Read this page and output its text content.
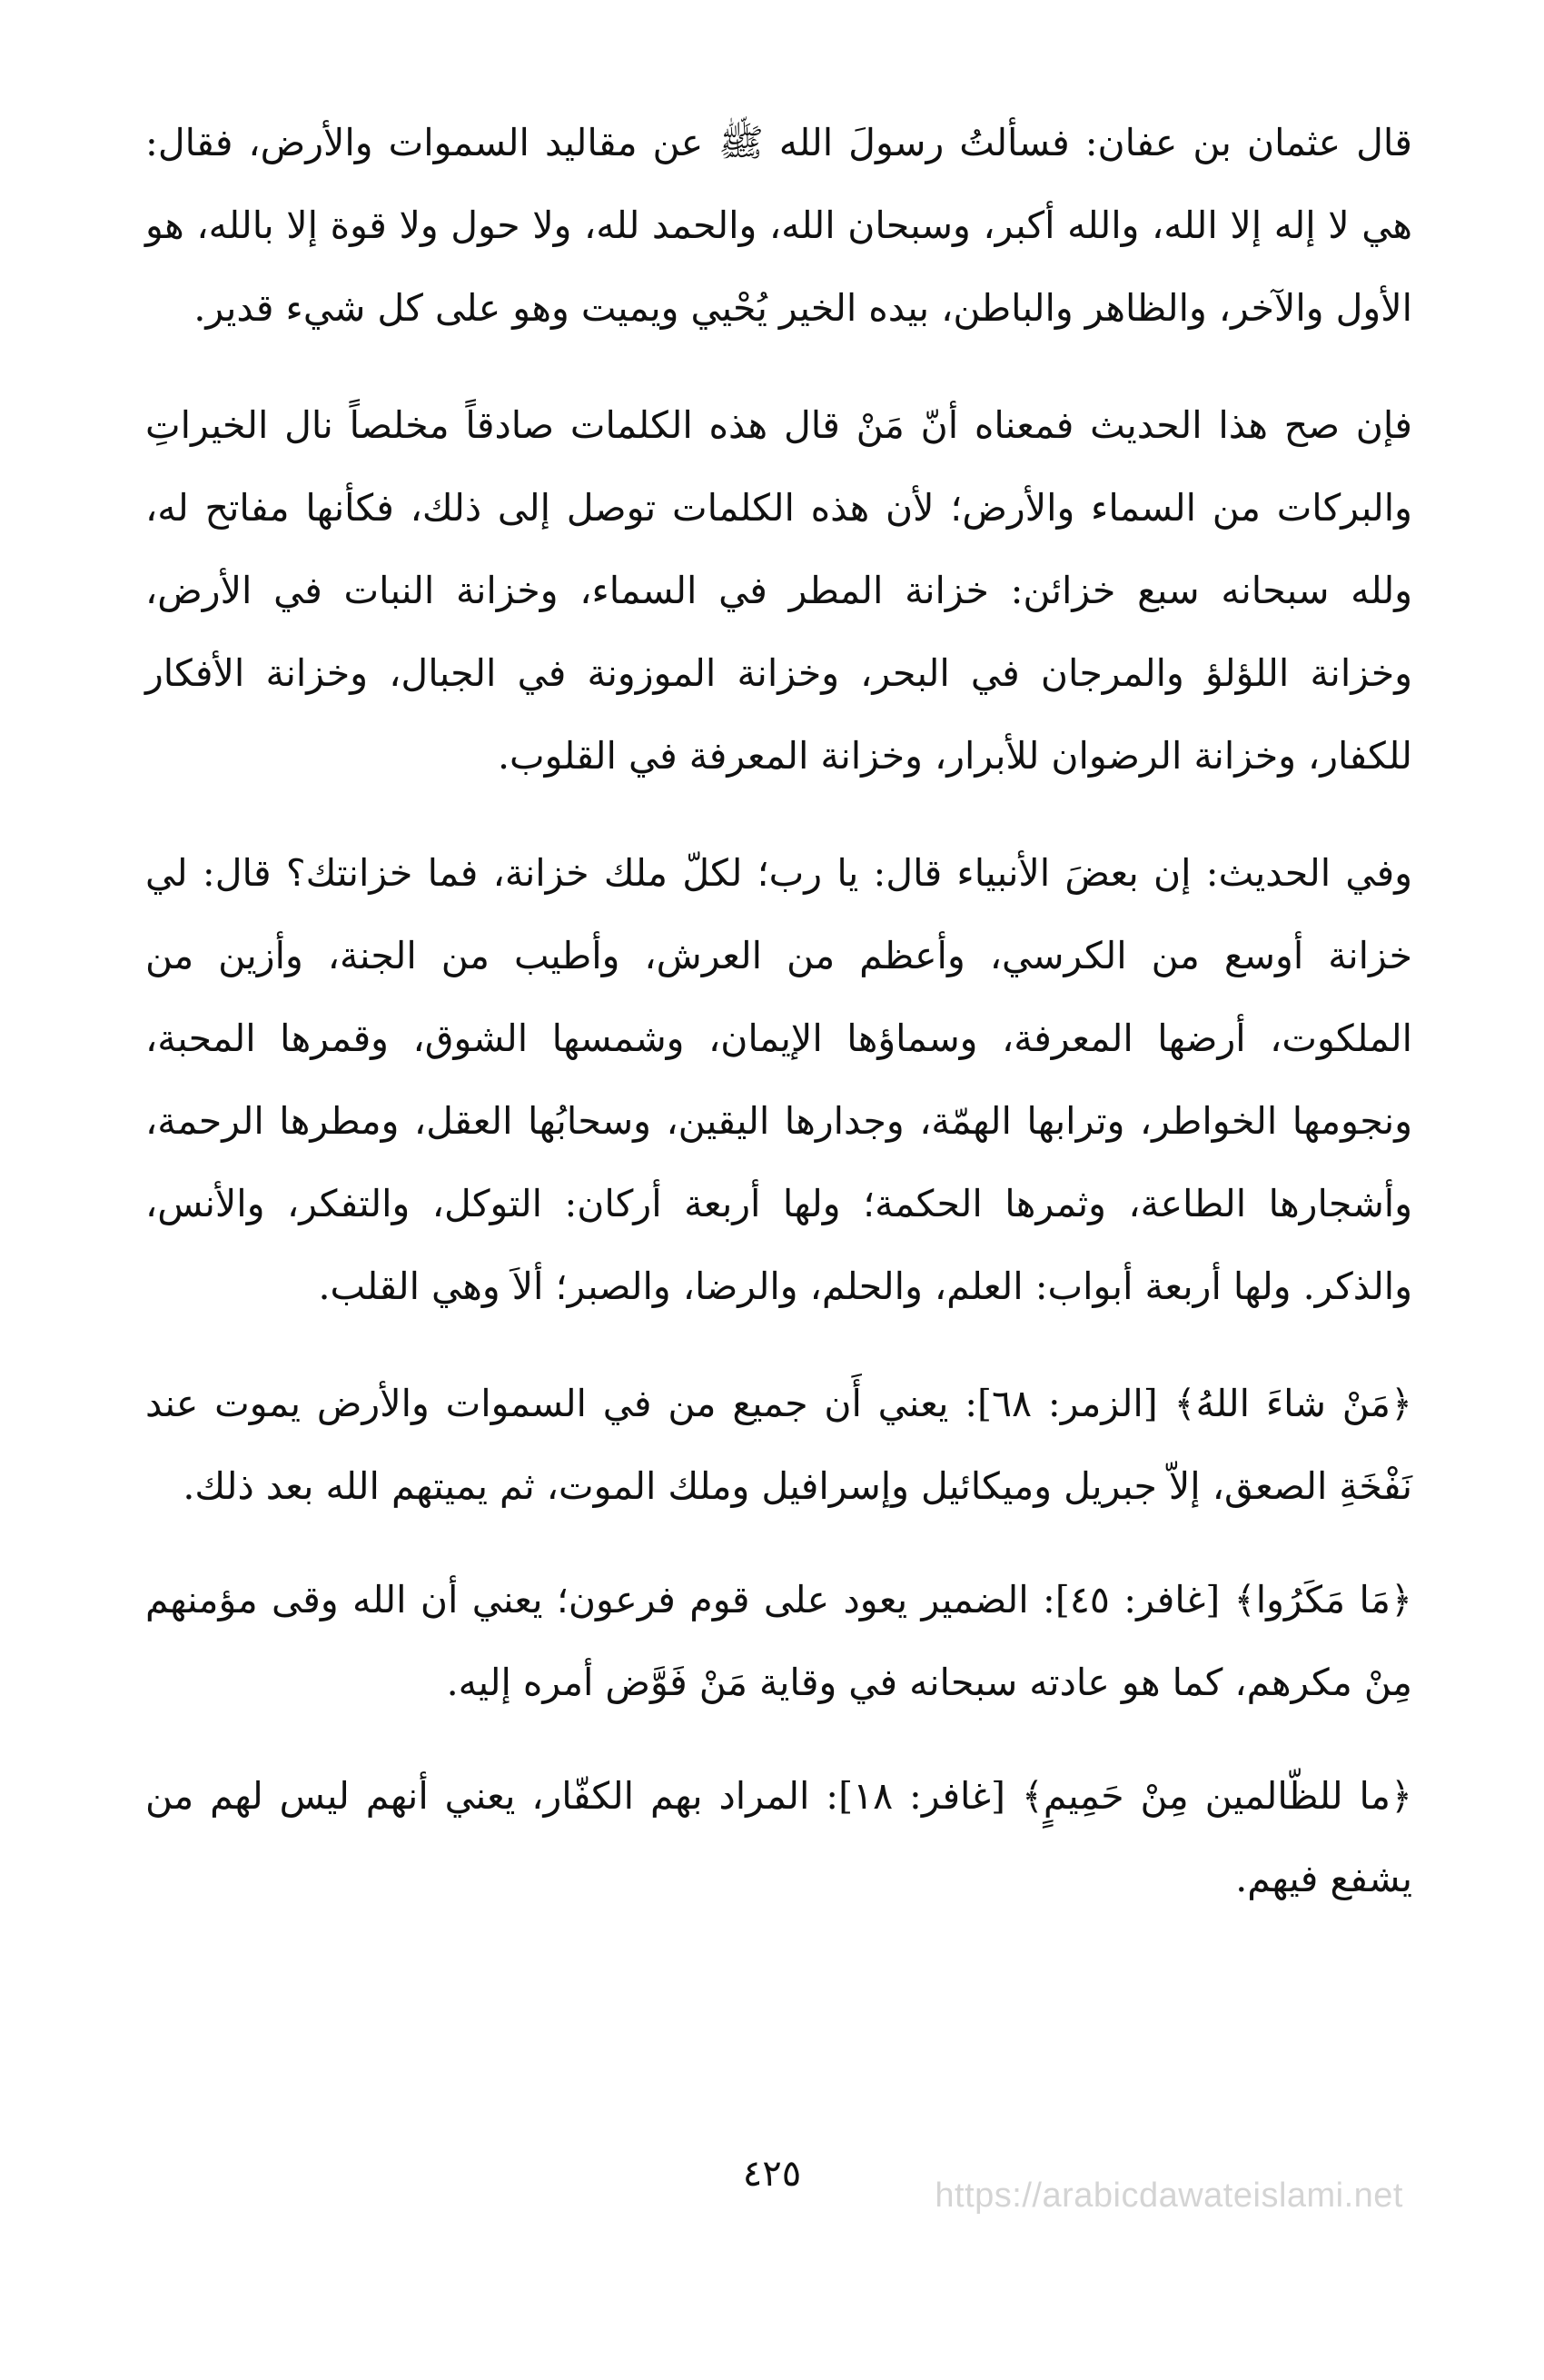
قال عثمان بن عفان: فسألتُ رسولَ الله ﷺ عن مقاليد السموات والأرض، فقال: هي لا إله إلا الله، والله أكبر، وسبحان الله، والحمد لله، ولا حول ولا قوة إلا بالله، هو الأول والآخر، والظاهر والباطن، بيده الخير يُحْيي ويميت وهو على كل شيء قدير.

فإن صح هذا الحديث فمعناه أنّ مَنْ قال هذه الكلمات صادقاً مخلصاً نال الخيراتِ والبركات من السماء والأرض؛ لأن هذه الكلمات توصل إلى ذلك، فكأنها مفاتح له، ولله سبحانه سبع خزائن: خزانة المطر في السماء، وخزانة النبات في الأرض، وخزانة اللؤلؤ والمرجان في البحر، وخزانة الموزونة في الجبال، وخزانة الأفكار للكفار، وخزانة الرضوان للأبرار، وخزانة المعرفة في القلوب.

وفي الحديث: إن بعضَ الأنبياء قال: يا رب؛ لكلّ ملك خزانة، فما خزانتك؟ قال: لي خزانة أوسع من الكرسي، وأعظم من العرش، وأطيب من الجنة، وأزين من الملكوت، أرضها المعرفة، وسماؤها الإيمان، وشمسها الشوق، وقمرها المحبة، ونجومها الخواطر، وترابها الهمّة، وجدارها اليقين، وسحابُها العقل، ومطرها الرحمة، وأشجارها الطاعة، وثمرها الحكمة؛ ولها أربعة أركان: التوكل، والتفكر، والأنس، والذكر. ولها أربعة أبواب: العلم، والحلم، والرضا، والصبر؛ ألاَ وهي القلب.

﴿مَنْ شاءَ اللهُ﴾ [الزمر: ٦٨]: يعني أَن جميع من في السموات والأرض يموت عند نَفْخَةِ الصعق، إلاّ جبريل وميكائيل وإسرافيل وملك الموت، ثم يميتهم الله بعد ذلك.

﴿مَا مَكَرُوا﴾ [غافر: ٤٥]: الضمير يعود على قوم فرعون؛ يعني أن الله وقى مؤمنهم مِنْ مكرهم، كما هو عادته سبحانه في وقاية مَنْ فَوَّض أمره إليه.

﴿ما للظّالمين مِنْ حَمِيمٍ﴾ [غافر: ١٨]: المراد بهم الكفّار، يعني أنهم ليس لهم من يشفع فيهم.

٤٢٥
https://arabicdawateislami.net
